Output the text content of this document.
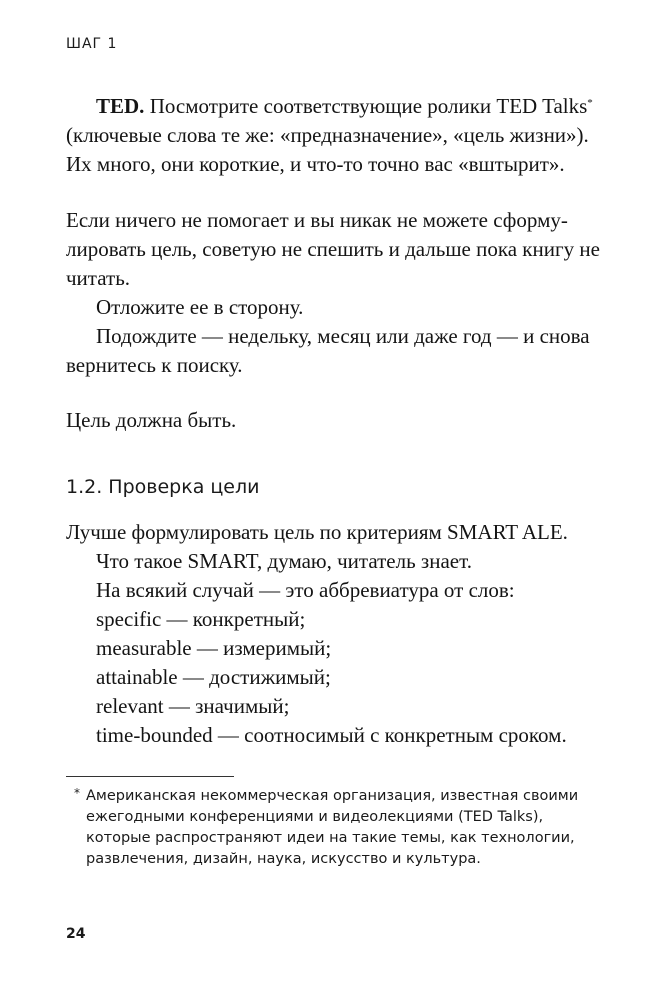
ШАГ 1

TED. Посмотрите соответствующие ролики TED Talks*

(ключевые слова те же: «предназначение», «цель жизни»).

Их много, они короткие, и что-то точно вас «вштырит».

Если ничего не помогает и вы никак не можете сформулировать цель, советую не спешить и дальше пока книгу не читать.

Отложите ее в сторону.

Подождите — недельку, месяц или даже год — и снова вернитесь к поиску.

Цель должна быть.

1.2. Проверка цели

Лучше формулировать цель по критериям SMART ALE.

Что такое SMART, думаю, читатель знает.

На всякий случай — это аббревиатура от слов:

specific — конкретный;

measurable — измеримый;

attainable — достижимый;

relevant — значимый;

time-bounded — соотносимый с конкретным сроком.

* Американская некоммерческая организация, известная своими ежегодными конференциями и видеолекциями (TED Talks), которые распространяют идеи на такие темы, как технологии, развлечения, дизайн, наука, искусство и культура.
24
